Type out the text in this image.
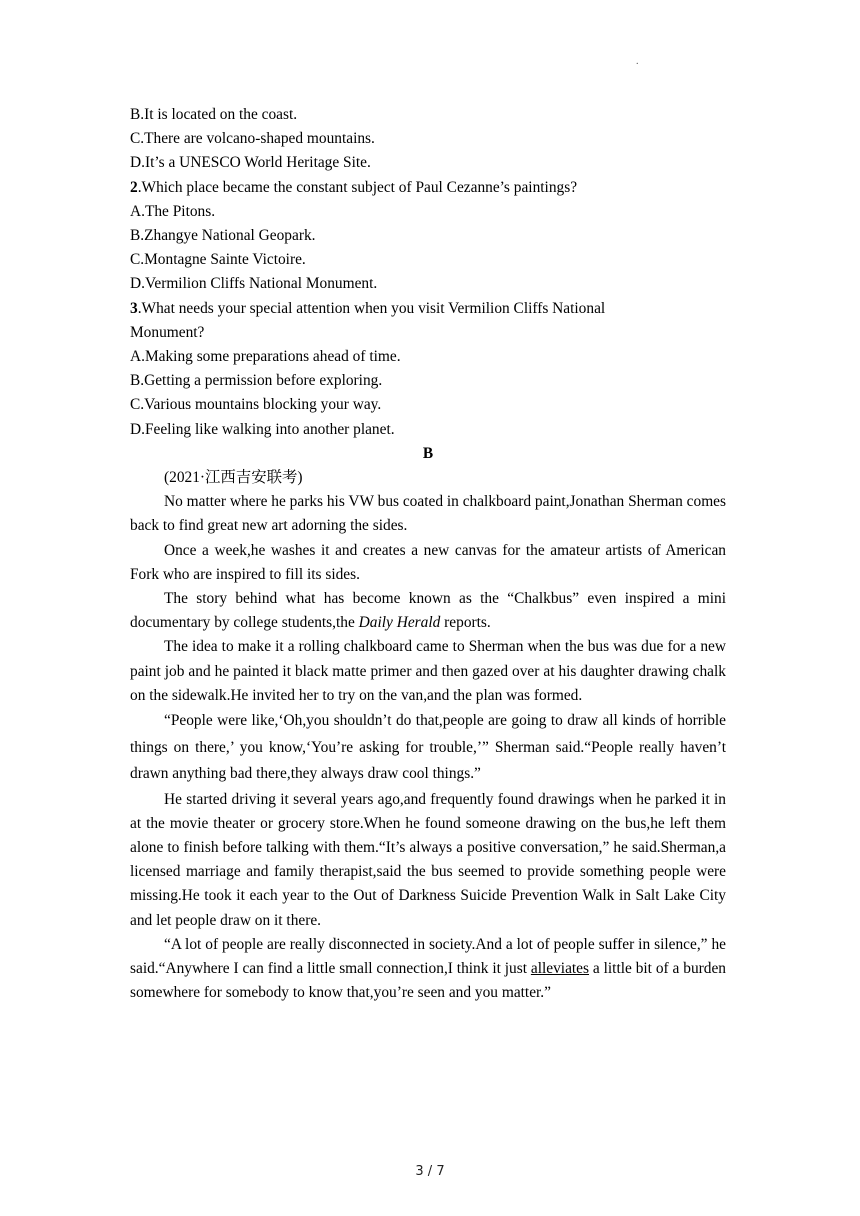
.
B.It is located on the coast.
C.There are volcano-shaped mountains.
D.It’s a UNESCO World Heritage Site.
2.Which place became the constant subject of Paul Cezanne’s paintings?
A.The Pitons.
B.Zhangye National Geopark.
C.Montagne Sainte Victoire.
D.Vermilion Cliffs National Monument.
3.What needs your special attention when you visit Vermilion Cliffs National
Monument?
A.Making some preparations ahead of time.
B.Getting a permission before exploring.
C.Various mountains blocking your way.
D.Feeling like walking into another planet.
B
(2021·江西吉安联考)
No matter where he parks his VW bus coated in chalkboard paint,Jonathan Sherman comes back to find great new art adorning the sides.
Once a week,he washes it and creates a new canvas for the amateur artists of American Fork who are inspired to fill its sides.
The story behind what has become known as the “Chalkbus” even inspired a mini documentary by college students,the Daily Herald reports.
The idea to make it a rolling chalkboard came to Sherman when the bus was due for a new paint job and he painted it black matte primer and then gazed over at his daughter drawing chalk on the sidewalk.He invited her to try on the van,and the plan was formed.
“People were like,‘Oh,you shouldn’t do that,people are going to draw all kinds of horrible things on there,’ you know,‘You’re asking for trouble,’” Sherman said.“People really haven’t drawn anything bad there,they always draw cool things.”
He started driving it several years ago,and frequently found drawings when he parked it in at the movie theater or grocery store.When he found someone drawing on the bus,he left them alone to finish before talking with them.“It’s always a positive conversation,” he said.Sherman,a licensed marriage and family therapist,said the bus seemed to provide something people were missing.He took it each year to the Out of Darkness Suicide Prevention Walk in Salt Lake City and let people draw on it there.
“A lot of people are really disconnected in society.And a lot of people suffer in silence,” he said.“Anywhere I can find a little small connection,I think it just alleviates a little bit of a burden somewhere for somebody to know that,you’re seen and you matter.”
3 / 7
